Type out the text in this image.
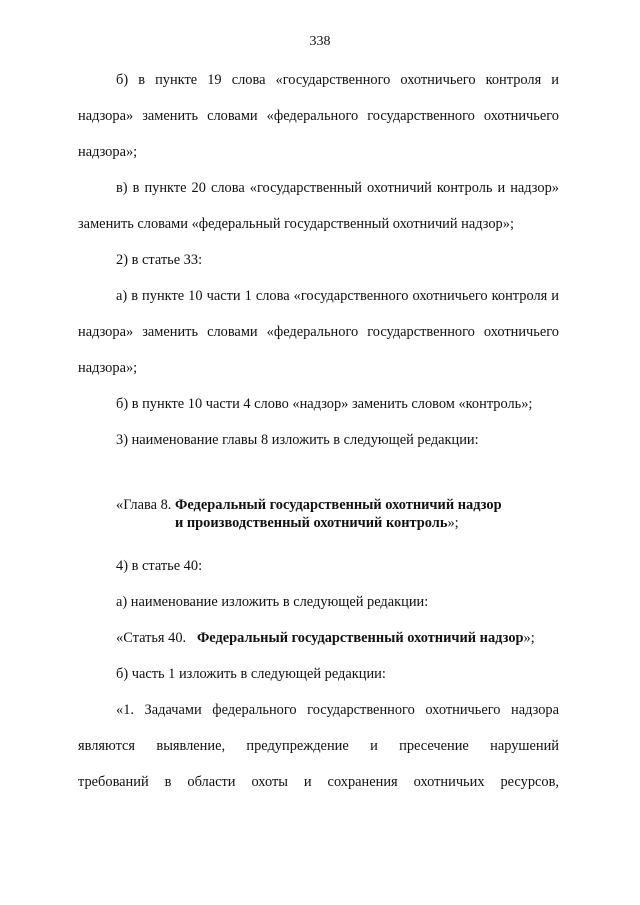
338

б) в пункте 19 слова «государственного охотничьего контроля и надзора» заменить словами «федерального государственного охотничьего надзора»;

в) в пункте 20 слова «государственный охотничий контроль и надзор» заменить словами «федеральный государственный охотничий надзор»;

2) в статье 33:

а) в пункте 10 части 1 слова «государственного охотничьего контроля и надзора» заменить словами «федерального государственного охотничьего надзора»;

б) в пункте 10 части 4 слово «надзор» заменить словом «контроль»;

3) наименование главы 8 изложить в следующей редакции:

«Глава 8. Федеральный государственный охотничий надзор
и производственный охотничий контроль»;

4) в статье 40:

а) наименование изложить в следующей редакции:

«Статья 40.   Федеральный государственный охотничий надзор»;

б) часть 1 изложить в следующей редакции:

«1. Задачами федерального государственного охотничьего надзора

являются выявление, предупреждение и пресечение нарушений

требований в области охоты и сохранения охотничьих ресурсов,
